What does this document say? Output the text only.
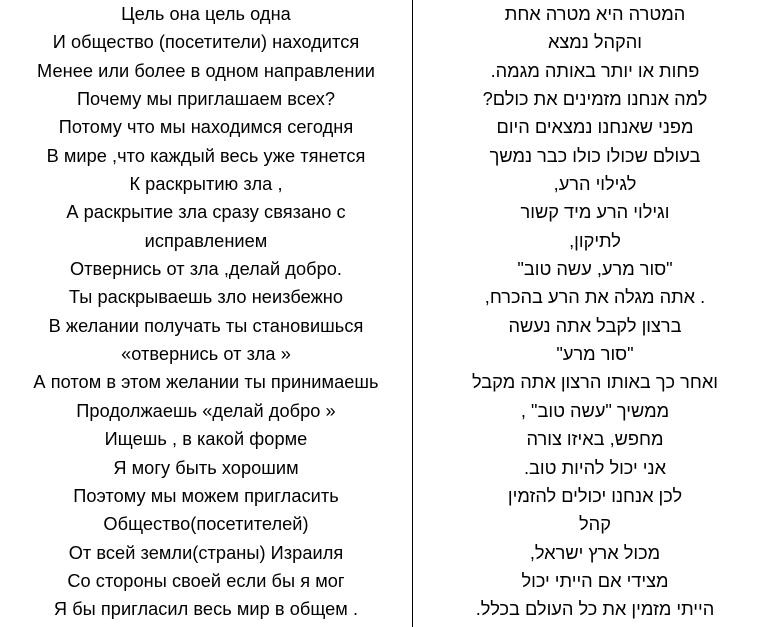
Цель она цель одна
И общество (посетители) находится
Менее или более в одном направлении
Почему мы приглашаем всех?
Потому что мы находимся сегодня
В мире ,что каждый весь уже тянется
К раскрытию зла ,
А раскрытие зла сразу связано с
исправлением
Отвернись от зла ,делай добро.
Ты раскрываешь зло неизбежно
В желании получать ты становишься
«отвернись от зла »
А потом в этом желании ты принимаешь
Продолжаешь «делай добро »
Ищешь , в какой форме
Я могу быть хорошим
Поэтому мы можем пригласить
Общество(посетителей)
От всей земли(страны) Израиля
Со стороны своей если бы я мог
Я бы пригласил весь мир в общем .
המטרה היא מטרה אחת
והקהל נמצא
פחות או יותר באותה מגמה.
למה אנחנו מזמינים את כולם?
מפני שאנחנו נמצאים היום
בעולם שכולו כולו כבר נמשך
לגילוי הרע,
וגילוי הרע מיד קשור
לתיקון,
"סור מרע, עשה טוב"
. אתה מגלה את הרע בהכרח,
ברצון לקבל אתה נעשה
"סור מרע"
ואחר כך באותו הרצון אתה מקבל
ממשיך "עשה טוב" ,
מחפש, באיזו צורה
אני יכול להיות טוב.
לכן אנחנו יכולים להזמין
קהל
מכול ארץ ישראל,
מצידי אם הייתי יכול
הייתי מזמין את כל העולם בכלל.
